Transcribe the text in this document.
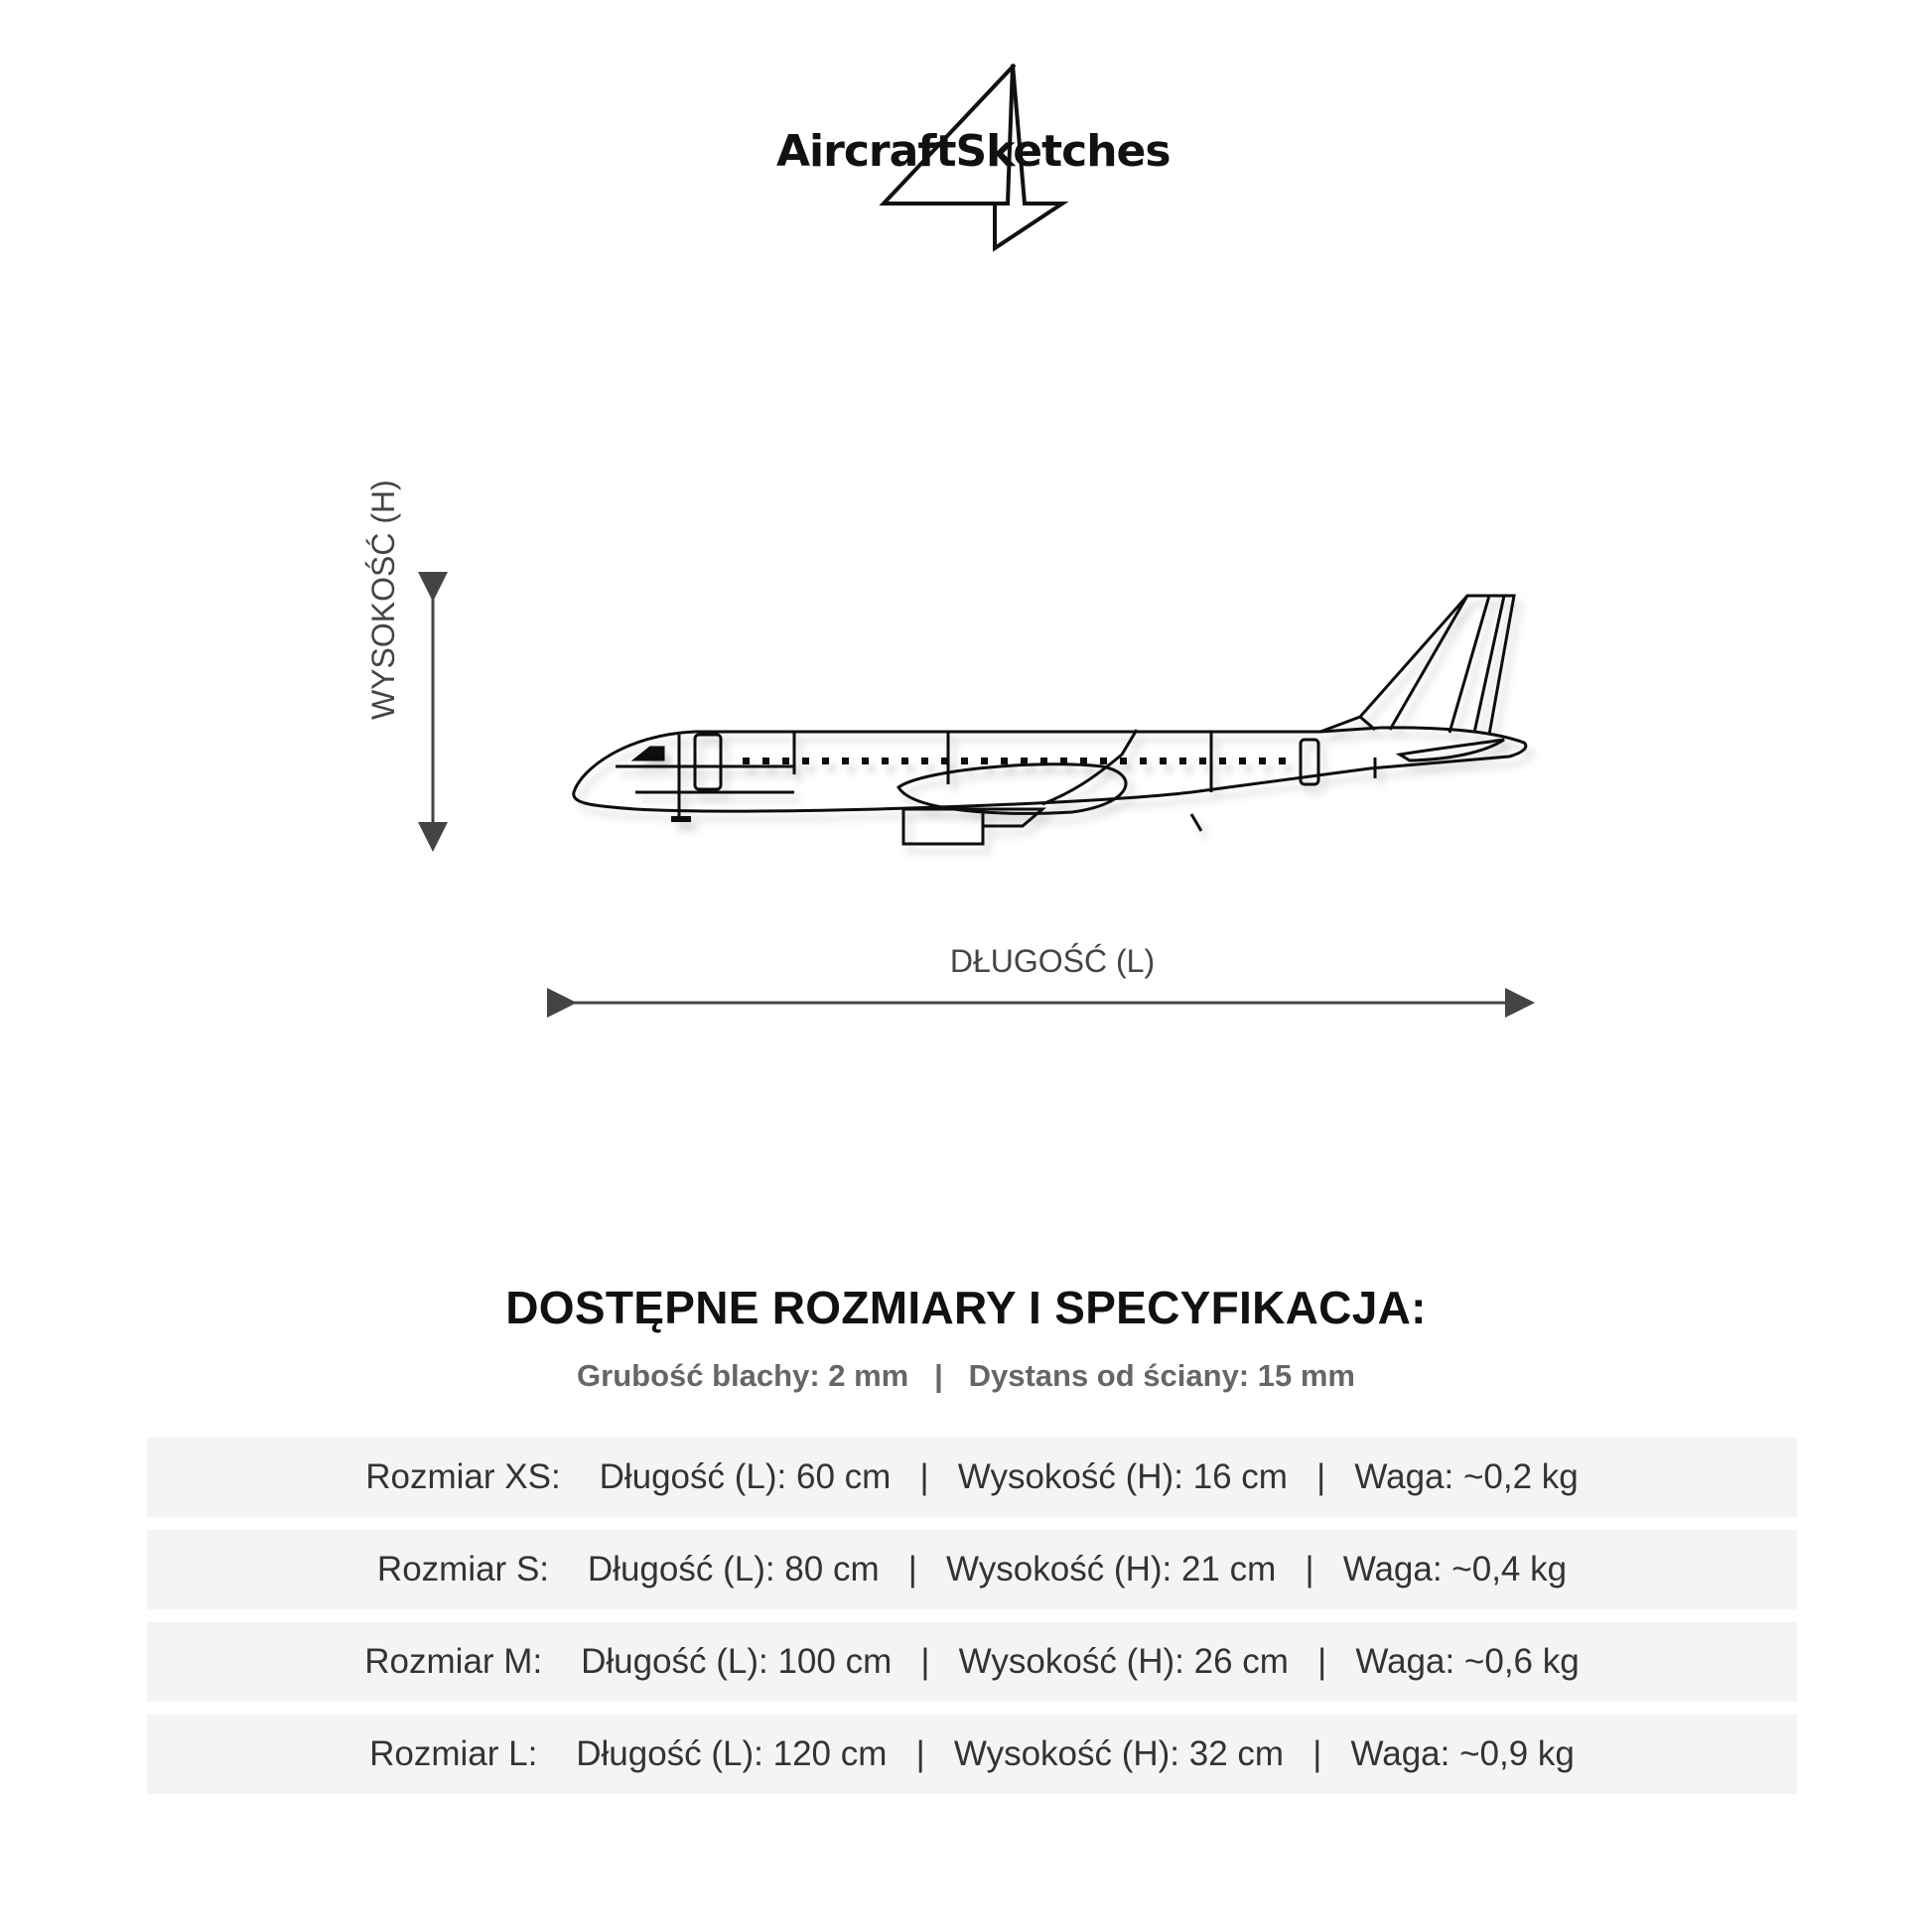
AircraftSketches
WYSOKOŚĆ (H)
DŁUGOŚĆ (L)
DOSTĘPNE ROZMIARY I SPECYFIKACJA:
Grubość blachy: 2 mm   |   Dystans od ściany: 15 mm
Rozmiar XS:    Długość (L): 60 cm   |   Wysokość (H): 16 cm   |   Waga: ~0,2 kg
Rozmiar S:    Długość (L): 80 cm   |   Wysokość (H): 21 cm   |   Waga: ~0,4 kg
Rozmiar M:    Długość (L): 100 cm   |   Wysokość (H): 26 cm   |   Waga: ~0,6 kg
Rozmiar L:    Długość (L): 120 cm   |   Wysokość (H): 32 cm   |   Waga: ~0,9 kg
